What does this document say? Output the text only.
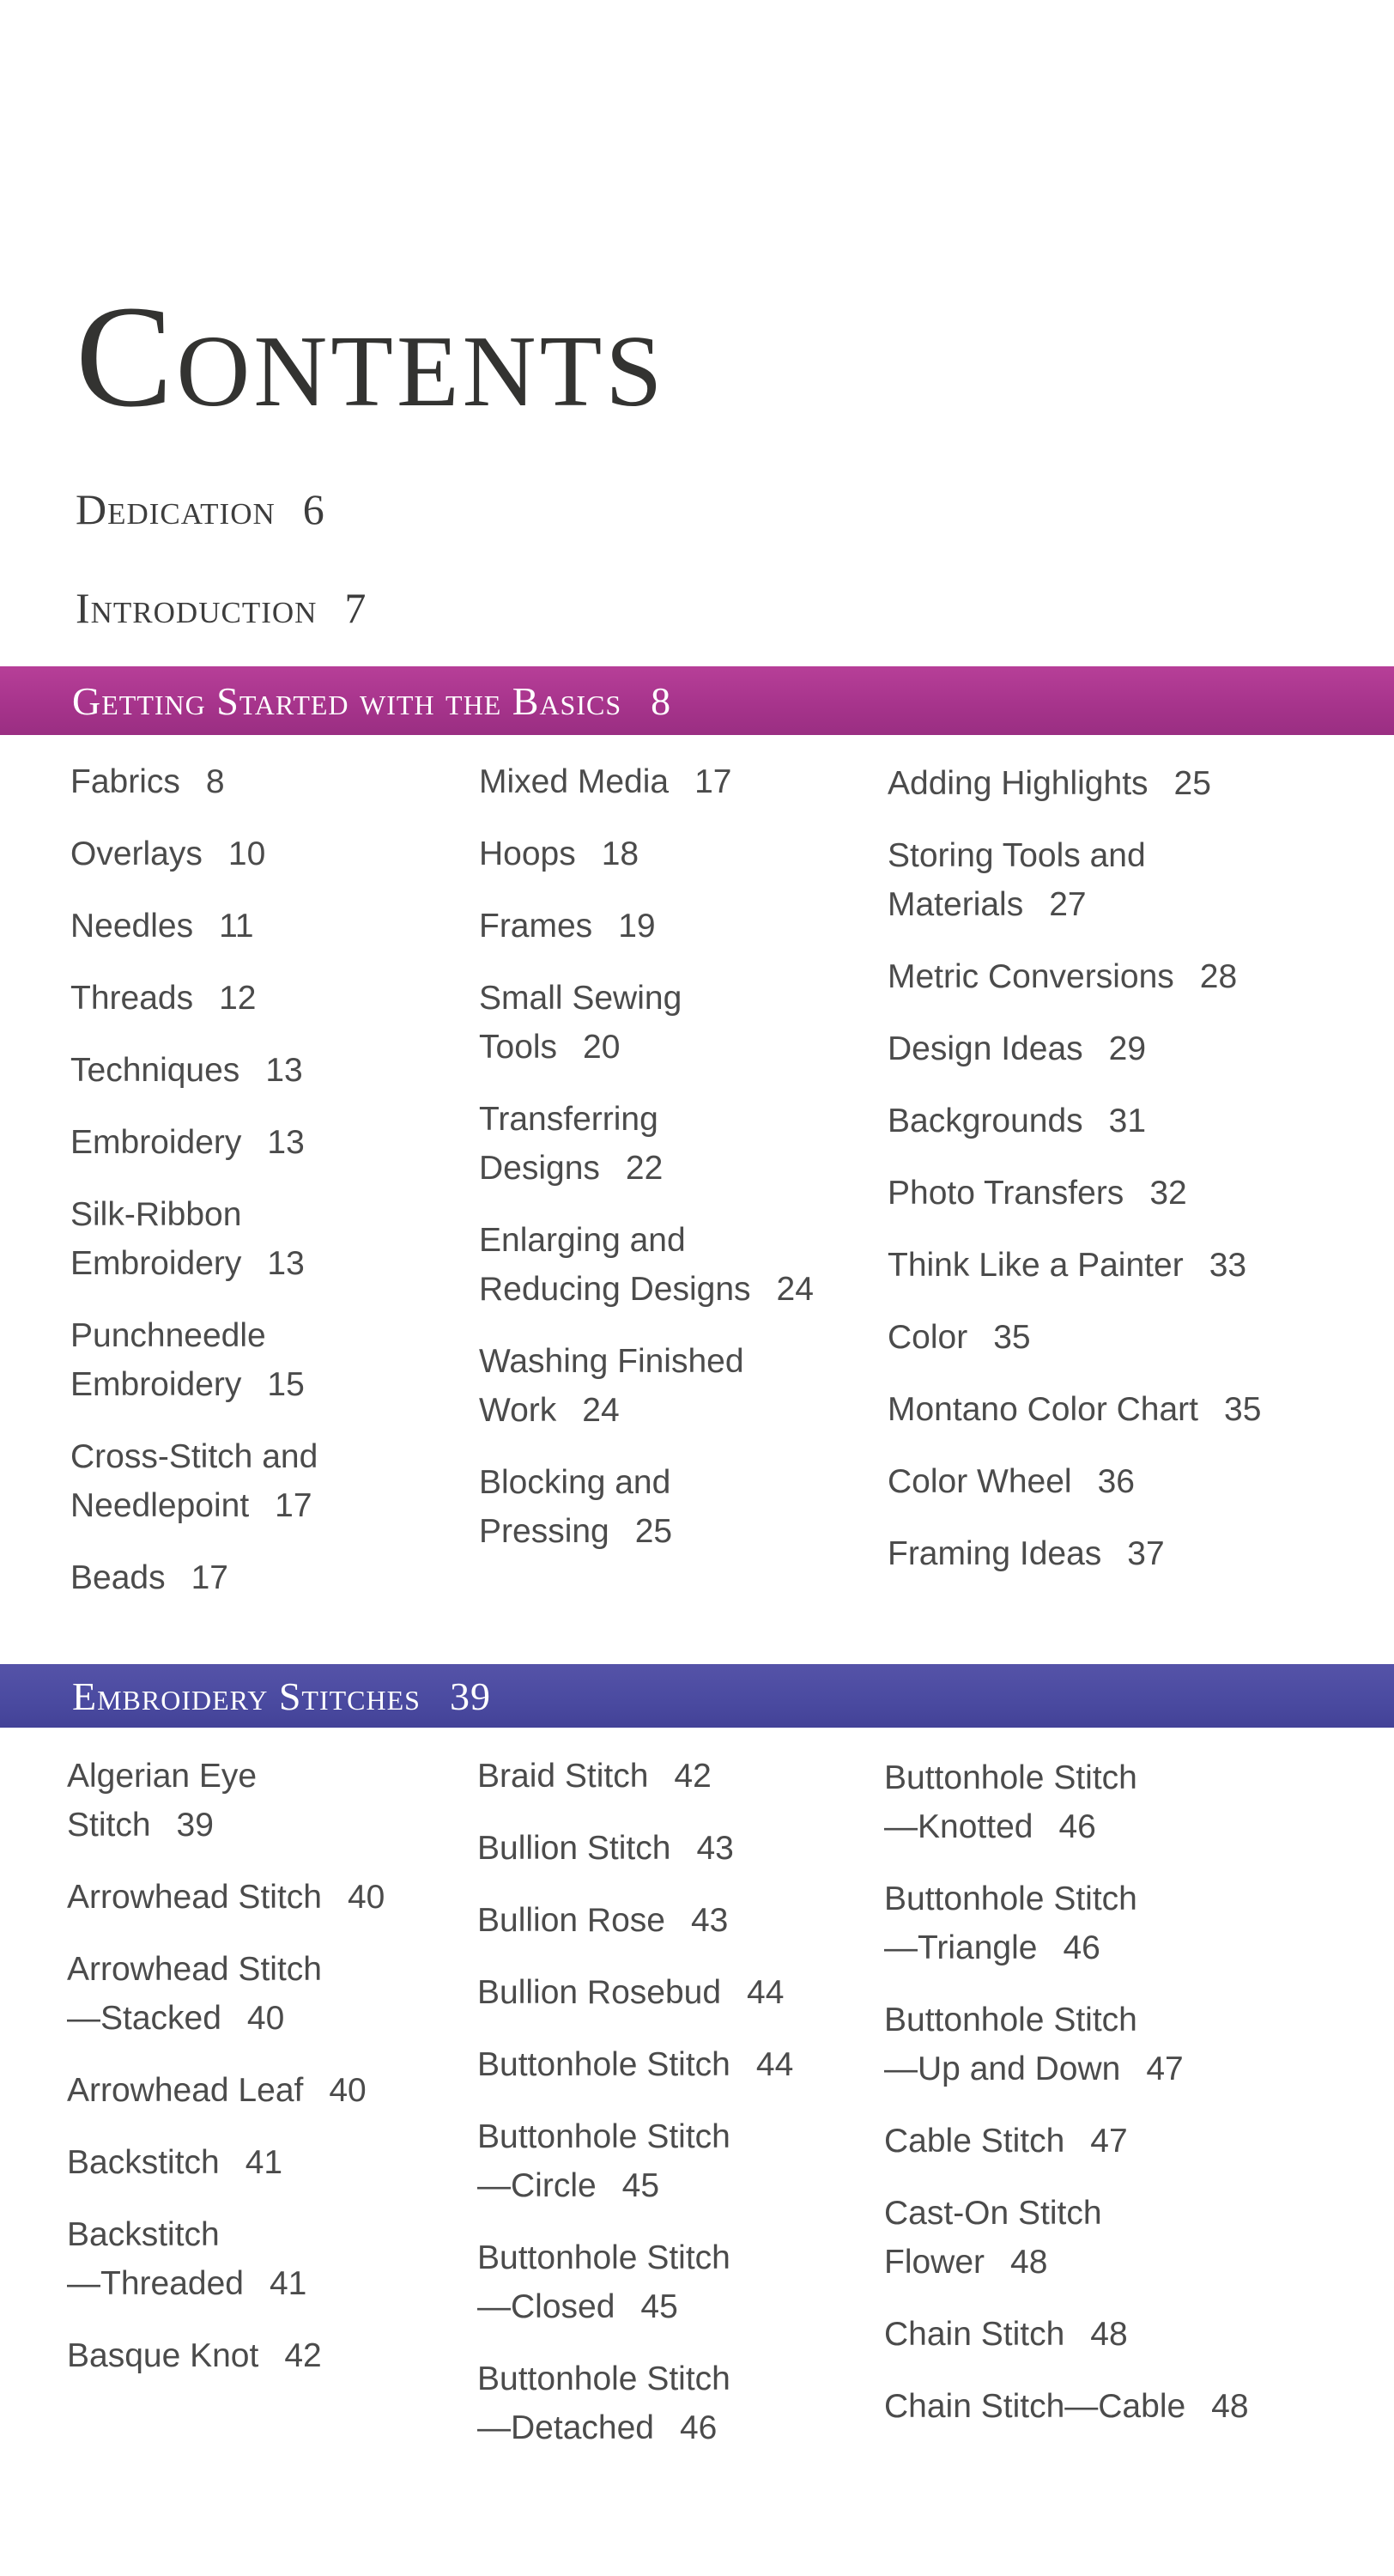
Contents

Dedication 6

Introduction 7

Getting Started with the Basics 8
Fabrics 8
Overlays 10
Needles 11
Threads 12
Techniques 13
Embroidery 13
Silk-Ribbon
Embroidery 13
Punchneedle
Embroidery 15
Cross-Stitch and
Needlepoint 17
Beads 17
Mixed Media 17
Hoops 18
Frames 19
Small Sewing
Tools 20
Transferring
Designs 22
Enlarging and
Reducing Designs 24
Washing Finished
Work 24
Blocking and
Pressing 25
Adding Highlights 25
Storing Tools and
Materials 27
Metric Conversions 28
Design Ideas 29
Backgrounds 31
Photo Transfers 32
Think Like a Painter 33
Color 35
Montano Color Chart 35
Color Wheel 36
Framing Ideas 37
Embroidery Stitches 39
Algerian Eye
Stitch 39
Arrowhead Stitch 40
Arrowhead Stitch
—Stacked 40
Arrowhead Leaf 40
Backstitch 41
Backstitch
—Threaded 41
Basque Knot 42
Braid Stitch 42
Bullion Stitch 43
Bullion Rose 43
Bullion Rosebud 44
Buttonhole Stitch 44
Buttonhole Stitch
—Circle 45
Buttonhole Stitch
—Closed 45
Buttonhole Stitch
—Detached 46
Buttonhole Stitch
—Knotted 46
Buttonhole Stitch
—Triangle 46
Buttonhole Stitch
—Up and Down 47
Cable Stitch 47
Cast-On Stitch
Flower 48
Chain Stitch 48
Chain Stitch—Cable 48
